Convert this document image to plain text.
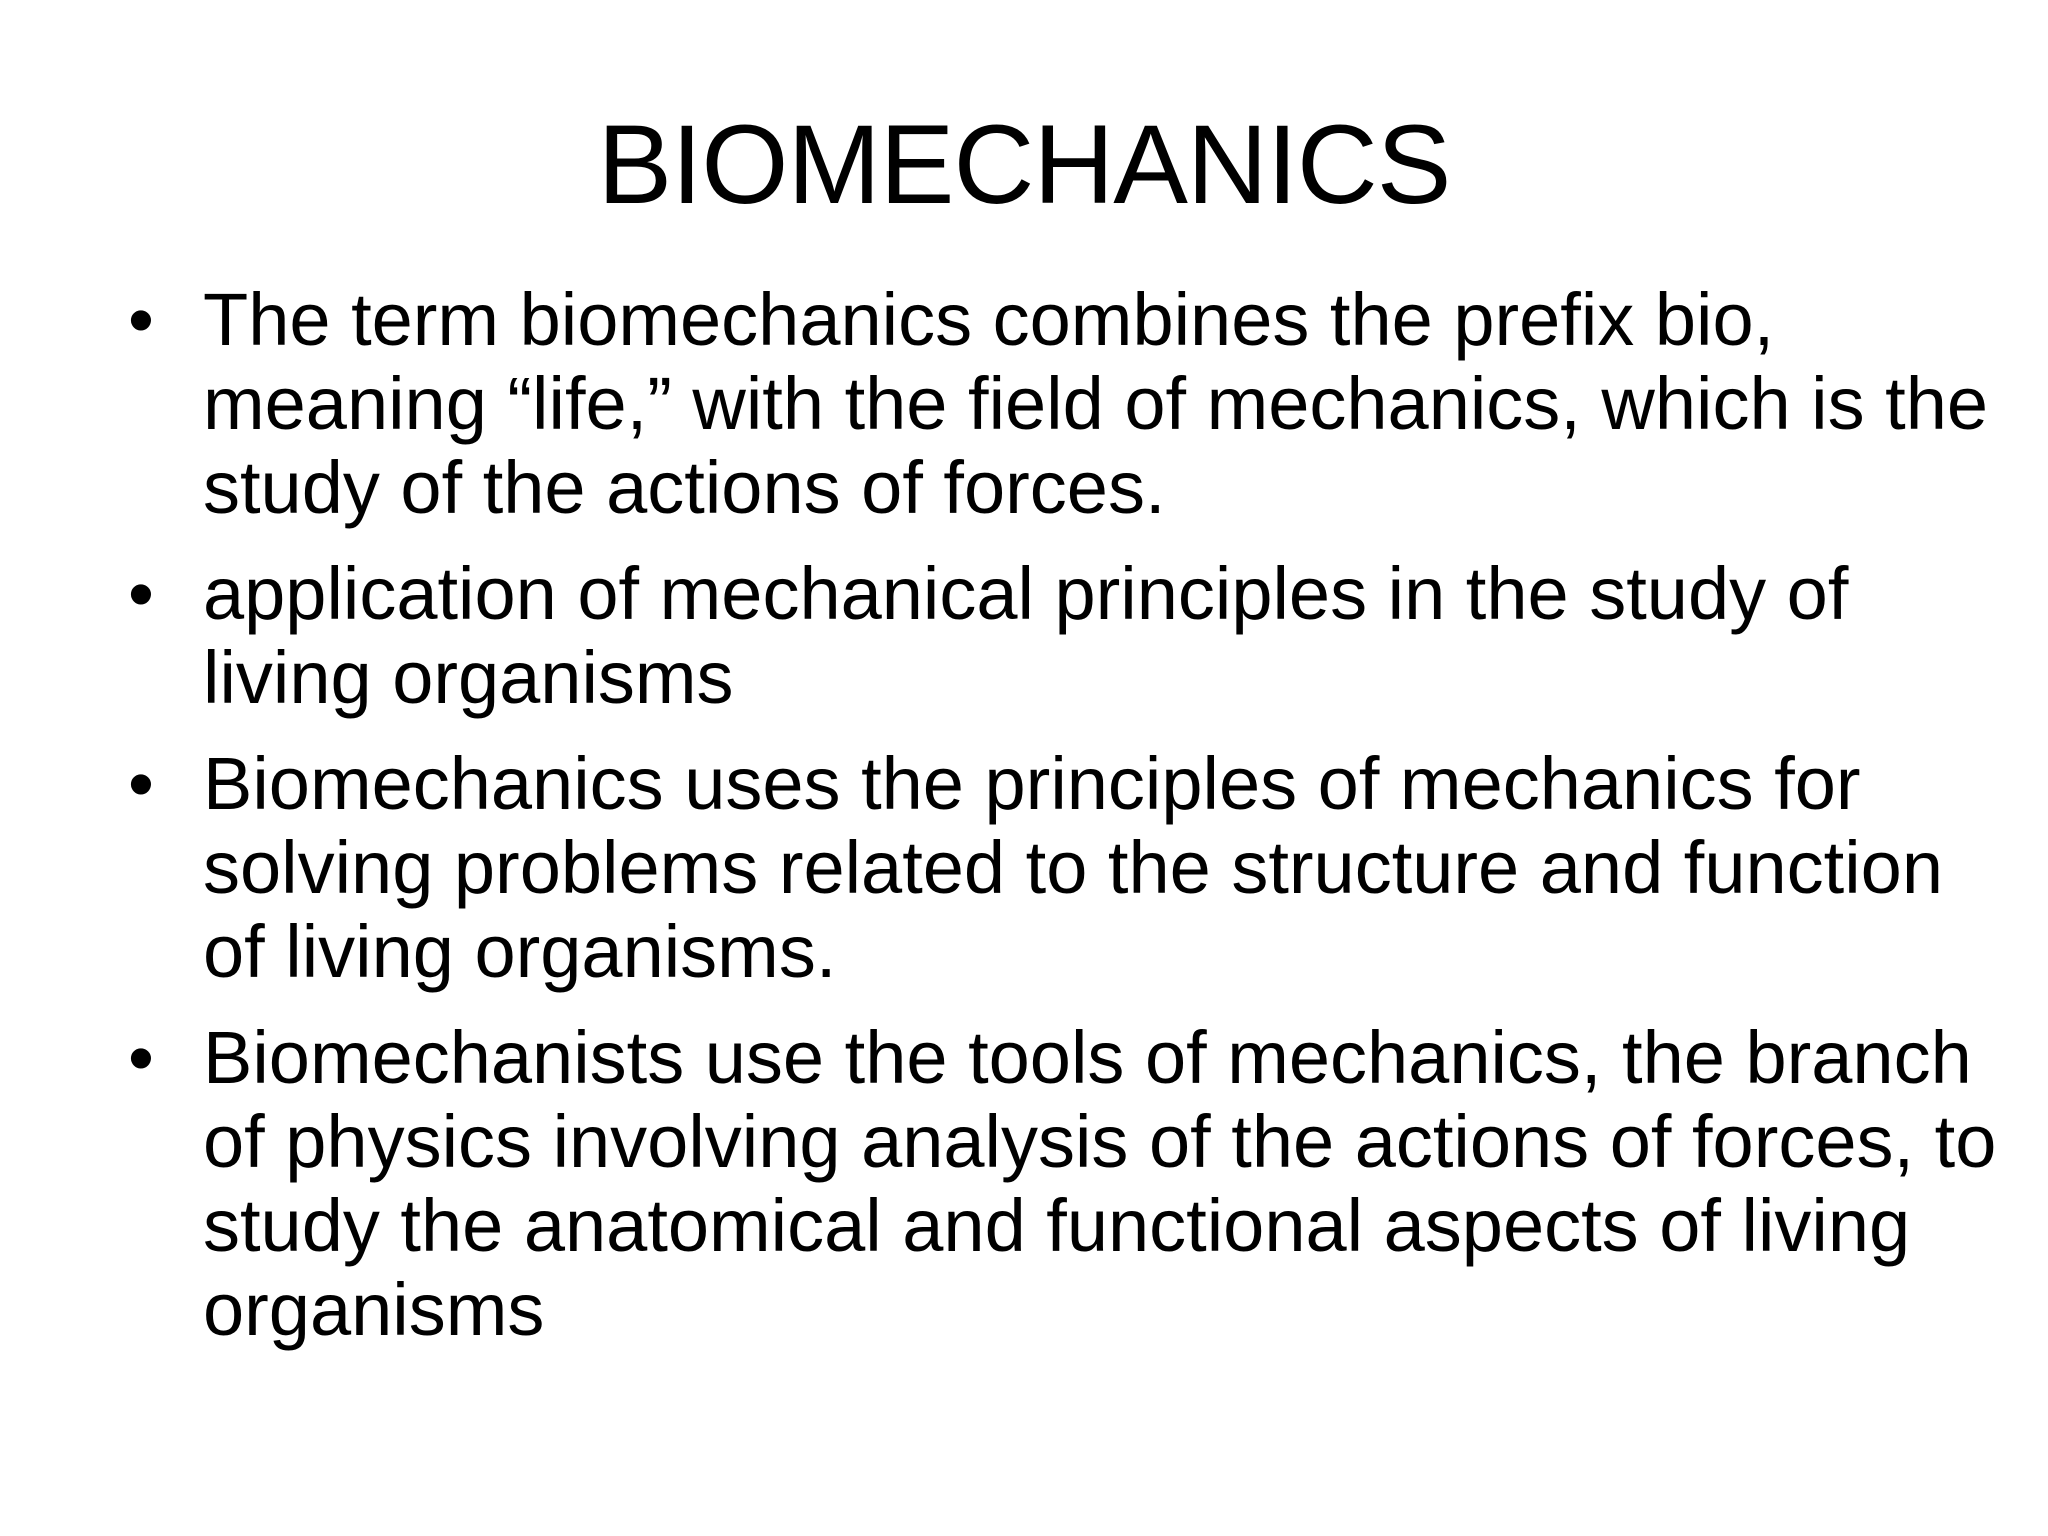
BIOMECHANICS
• The term biomechanics combines the prefix bio, meaning “life,” with the field of mechanics, which is the study of the actions of forces.
• application of mechanical principles in the study of living organisms
• Biomechanics uses the principles of mechanics for solving problems related to the structure and function of living organisms.
• Biomechanists use the tools of mechanics, the branch of physics involving analysis of the actions of forces, to study the anatomical and functional aspects of living organisms
